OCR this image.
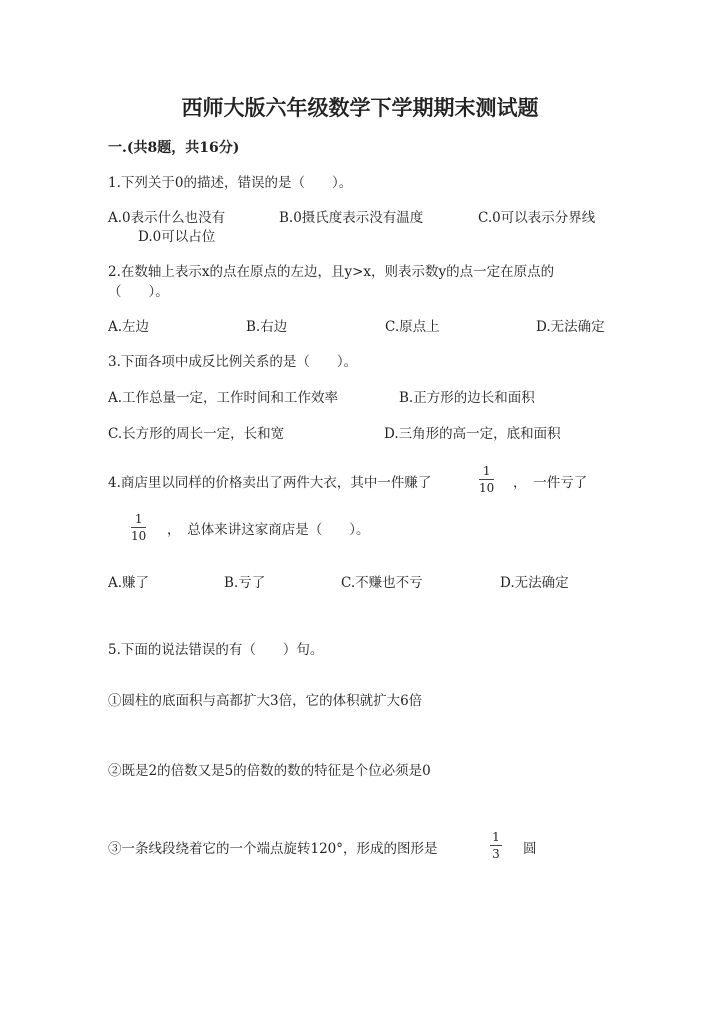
西师大版六年级数学下学期期末测试题
一.(共8题，共16分)
1.下列关于0的描述，错误的是（　　）。
A.0表示什么也没有	B.0摄氏度表示没有温度	C.0可以表示分界线
D.0可以占位
2.在数轴上表示x的点在原点的左边，且y>x，则表示数y的点一定在原点的
（　　）。
A.左边	B.右边	C.原点上	D.无法确定
3.下面各项中成反比例关系的是（　　）。
A.工作总量一定，工作时间和工作效率	B.正方形的边长和面积
C.长方形的周长一定，长和宽	D.三角形的高一定，底和面积
4.商店里以同样的价格卖出了两件大衣，其中一件赚了
1
10 ，　一件亏了
1
10 ，　总体来讲这家商店是（　　）。
A.赚了	B.亏了	C.不赚也不亏	D.无法确定
5.下面的说法错误的有（　　）句。
①圆柱的底面积与高都扩大3倍，它的体积就扩大6倍
②既是2的倍数又是5的倍数的数的特征是个位必须是0
③一条线段绕着它的一个端点旋转120°，形成的图形是
1
3 圆
